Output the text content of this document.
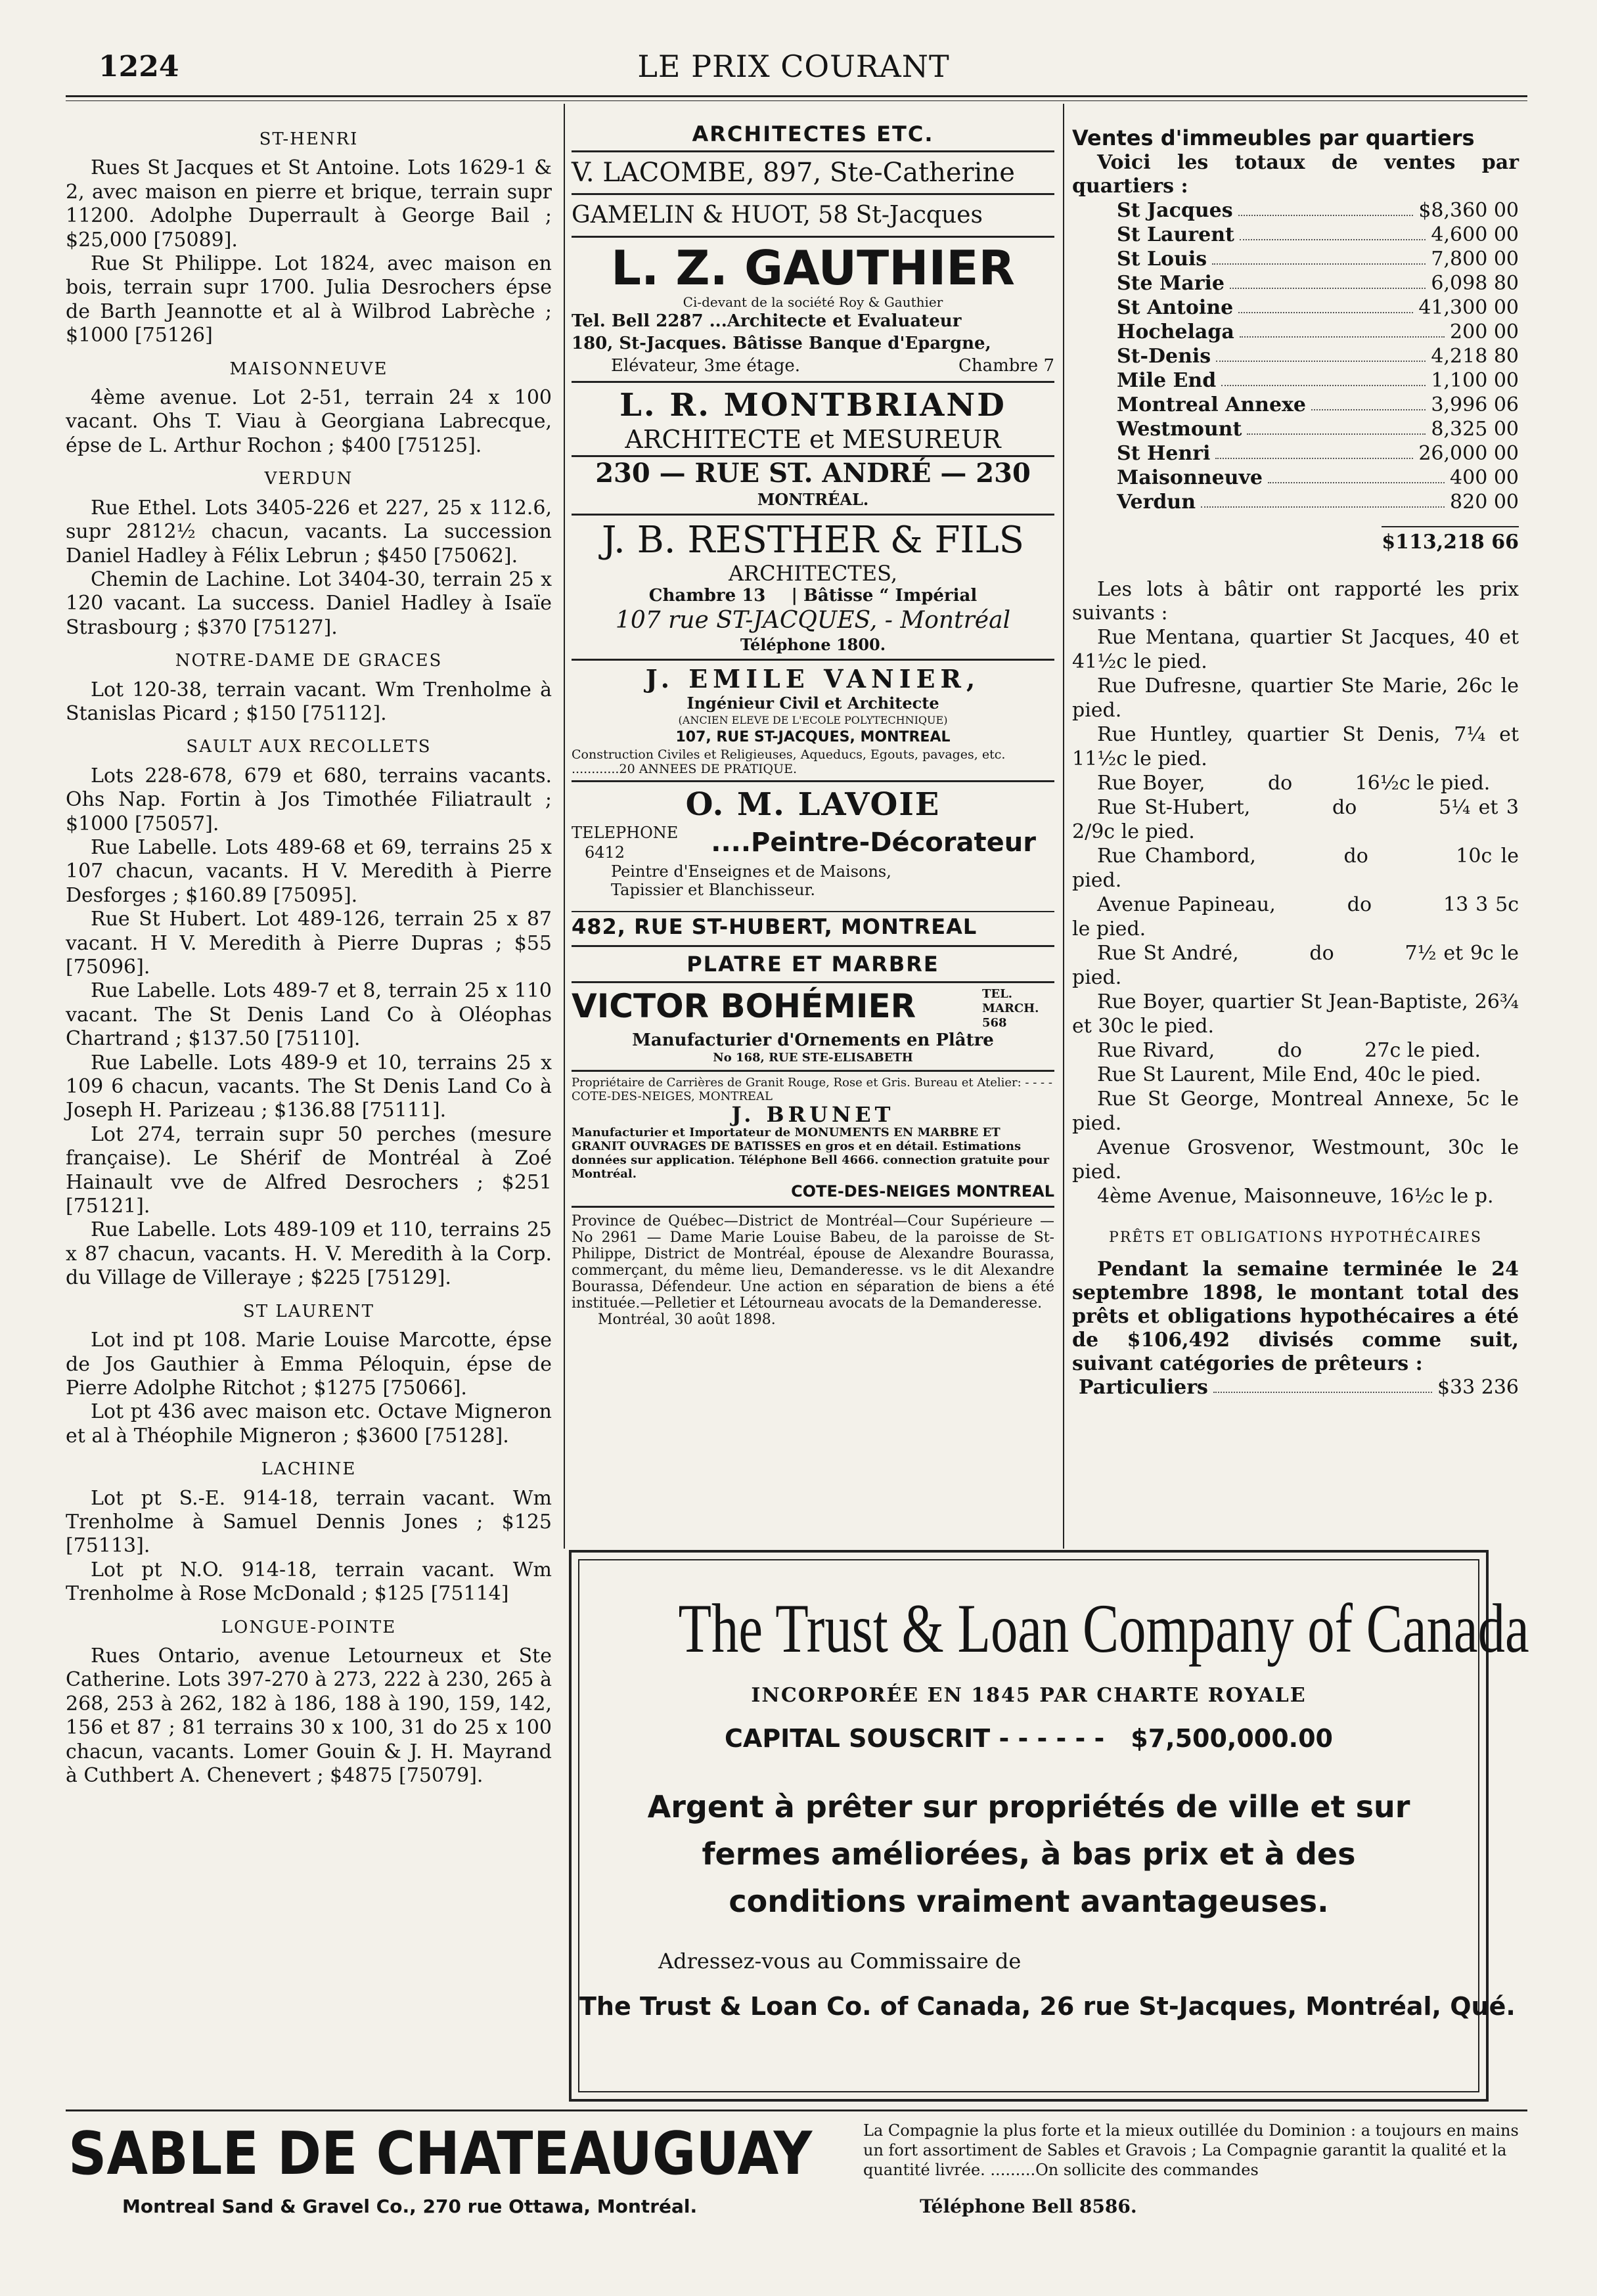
1224	LE PRIX COURANT
ST-HENRI

Rues St Jacques et St Antoine. Lots 1629-1 & 2, avec maison en pierre et brique, terrain supr 11200. Adolphe Duperrault à George Bail ; $25,000 [75089].

Rue St Philippe. Lot 1824, avec maison en bois, terrain supr 1700. Julia Desrochers épse de Barth Jeannotte et al à Wilbrod Labrèche ; $1000 [75126]

MAISONNEUVE

4ème avenue. Lot 2-51, terrain 24 x 100 vacant. Ohs T. Viau à Georgiana Labrecque, épse de L. Arthur Rochon ; $400 [75125].

VERDUN

Rue Ethel. Lots 3405-226 et 227, 25 x 112.6, supr 2812½ chacun, vacants. La succession Daniel Hadley à Félix Lebrun ; $450 [75062].

Chemin de Lachine. Lot 3404-30, terrain 25 x 120 vacant. La success. Daniel Hadley à Isaïe Strasbourg ; $370 [75127].

NOTRE-DAME DE GRACES

Lot 120-38, terrain vacant. Wm Trenholme à Stanislas Picard ; $150 [75112].

SAULT AUX RECOLLETS

Lots 228-678, 679 et 680, terrains vacants. Ohs Nap. Fortin à Jos Timothée Filiatrault ; $1000 [75057].

Rue Labelle. Lots 489-68 et 69, terrains 25 x 107 chacun, vacants. H V. Meredith à Pierre Desforges ; $160.89 [75095].

Rue St Hubert. Lot 489-126, terrain 25 x 87 vacant. H V. Meredith à Pierre Dupras ; $55 [75096].

Rue Labelle. Lots 489-7 et 8, terrain 25 x 110 vacant. The St Denis Land Co à Oléophas Chartrand ; $137.50 [75110].

Rue Labelle. Lots 489-9 et 10, terrains 25 x 109 6 chacun, vacants. The St Denis Land Co à Joseph H. Parizeau ; $136.88 [75111].

Lot 274, terrain supr 50 perches (mesure française). Le Shérif de Montréal à Zoé Hainault vve de Alfred Desrochers ; $251 [75121].

Rue Labelle. Lots 489-109 et 110, terrains 25 x 87 chacun, vacants. H. V. Meredith à la Corp. du Village de Villeraye ; $225 [75129].

ST LAURENT

Lot ind pt 108. Marie Louise Marcotte, épse de Jos Gauthier à Emma Péloquin, épse de Pierre Adolphe Ritchot ; $1275 [75066].

Lot pt 436 avec maison etc. Octave Migneron et al à Théophile Migneron ; $3600 [75128].

LACHINE

Lot pt S.-E. 914-18, terrain vacant. Wm Trenholme à Samuel Dennis Jones ; $125 [75113].

Lot pt N.O. 914-18, terrain vacant. Wm Trenholme à Rose McDonald ; $125 [75114]

LONGUE-POINTE

Rues Ontario, avenue Letourneux et Ste Catherine. Lots 397-270 à 273, 222 à 230, 265 à 268, 253 à 262, 182 à 186, 188 à 190, 159, 142, 156 et 87 ; 81 terrains 30 x 100, 31 do 25 x 100 chacun, vacants. Lomer Gouin & J. H. Mayrand à Cuthbert A. Chenevert ; $4875 [75079].

ARCHITECTES ETC.
V. LACOMBE, 897, Ste-Catherine
GAMELIN & HUOT, 58 St-Jacques
L. Z. GAUTHIER
Ci-devant de la société Roy & Gauthier
Tel. Bell 2287 ...Architecte et Evaluateur
180, St-Jacques. Bâtisse Banque d'Epargne,
Elévateur, 3me étage.	Chambre 7
L. R. MONTBRIAND
ARCHITECTE et MESUREUR
230 — RUE ST. ANDRÉ — 230
MONTRÉAL.
J. B. RESTHER & FILS
ARCHITECTES,
Chambre 13 | Bâtisse “ Impérial
107 rue ST-JACQUES, - Montréal
Téléphone 1800.
J. EMILE VANIER,
Ingénieur Civil et Architecte
(ANCIEN ELEVE DE L'ECOLE POLYTECHNIQUE)
107, RUE ST-JACQUES, MONTREAL
Construction Civiles et Religieuses, Aqueducs, Egouts, pavages, etc. ............20 ANNEES DE PRATIQUE.
O. M. LAVOIE
TELEPHONE
6412	....Peintre-Décorateur
Peintre d'Enseignes et de Maisons,
Tapissier et Blanchisseur.
482, RUE ST-HUBERT, MONTREAL
PLATRE ET MARBRE
VICTOR BOHÉMIER	TEL. MARCH. 568
Manufacturier d'Ornements en Plâtre
No 168, RUE STE-ELISABETH
Propriétaire de Carrières de Granit Rouge, Rose et Gris. Bureau et Atelier: - - - - COTE-DES-NEIGES, MONTREAL
J. BRUNET
Manufacturier et Importateur de MONUMENTS EN MARBRE ET GRANIT OUVRAGES DE BATISSES en gros et en détail. Estimations données sur application. Téléphone Bell 4666. connection gratuite pour Montréal.
COTE-DES-NEIGES MONTREAL

Province de Québec—District de Montréal—Cour Supérieure — No 2961 — Dame Marie Louise Babeu, de la paroisse de St-Philippe, District de Montréal, épouse de Alexandre Bourassa, commerçant, du même lieu, Demanderesse. vs le dit Alexandre Bourassa, Défendeur. Une action en séparation de biens a été instituée.—Pelletier et Létourneau avocats de la Demanderesse.

Montréal, 30 août 1898.

Ventes d'immeubles par quartiers

Voici les totaux de ventes par quartiers :

St Jacques	$8,360 00
St Laurent	4,600 00
St Louis	7,800 00
Ste Marie	6,098 80
St Antoine	41,300 00
Hochelaga	200 00
St-Denis	4,218 80
Mile End	1,100 00
Montreal Annexe	3,996 06
Westmount	8,325 00
St Henri	26,000 00
Maisonneuve	400 00
Verdun	820 00
$113,218 66

Les lots à bâtir ont rapporté les prix suivants :

Rue Mentana, quartier St Jacques, 40 et 41½c le pied.

Rue Dufresne, quartier Ste Marie, 26c le pied.

Rue Huntley, quartier St Denis, 7¼ et 11½c le pied.

Rue Boyer,          do          16½c le pied.

Rue St-Hubert,          do          5¼ et 3 2/9c le pied.

Rue Chambord,          do          10c le pied.

Avenue Papineau,          do          13 3 5c le pied.

Rue St André,          do          7½ et 9c le pied.

Rue Boyer, quartier St Jean-Baptiste, 26¾ et 30c le pied.

Rue Rivard,          do          27c le pied.

Rue St Laurent, Mile End, 40c le pied.

Rue St George, Montreal Annexe, 5c le pied.

Avenue Grosvenor, Westmount, 30c le pied.

4ème Avenue, Maisonneuve, 16½c le p.

PRÊTS ET OBLIGATIONS HYPOTHÉCAIRES

Pendant la semaine terminée le 24 septembre 1898, le montant total des prêts et obligations hypothécaires a été de $106,492 divisés comme suit, suivant catégories de prêteurs :

Particuliers	$33 236
The Trust & Loan Company of Canada
INCORPORÉE EN 1845 PAR CHARTE ROYALE
CAPITAL SOUSCRIT - - - - - - $7,500,000.00
Argent à prêter sur propriétés de ville et sur fermes améliorées, à bas prix et à des conditions vraiment avantageuses.
Adressez-vous au Commissaire de
The Trust & Loan Co. of Canada, 26 rue St-Jacques, Montréal, Qué.
SABLE DE CHATEAUGUAY	La Compagnie la plus forte et la mieux outillée du Dominion : a toujours en mains un fort assortiment de Sables et Gravois ; La Compagnie garantit la qualité et la quantité livrée. .........On sollicite des commandes
Montreal Sand & Gravel Co., 270 rue Ottawa, Montréal.	Téléphone Bell 8586.
